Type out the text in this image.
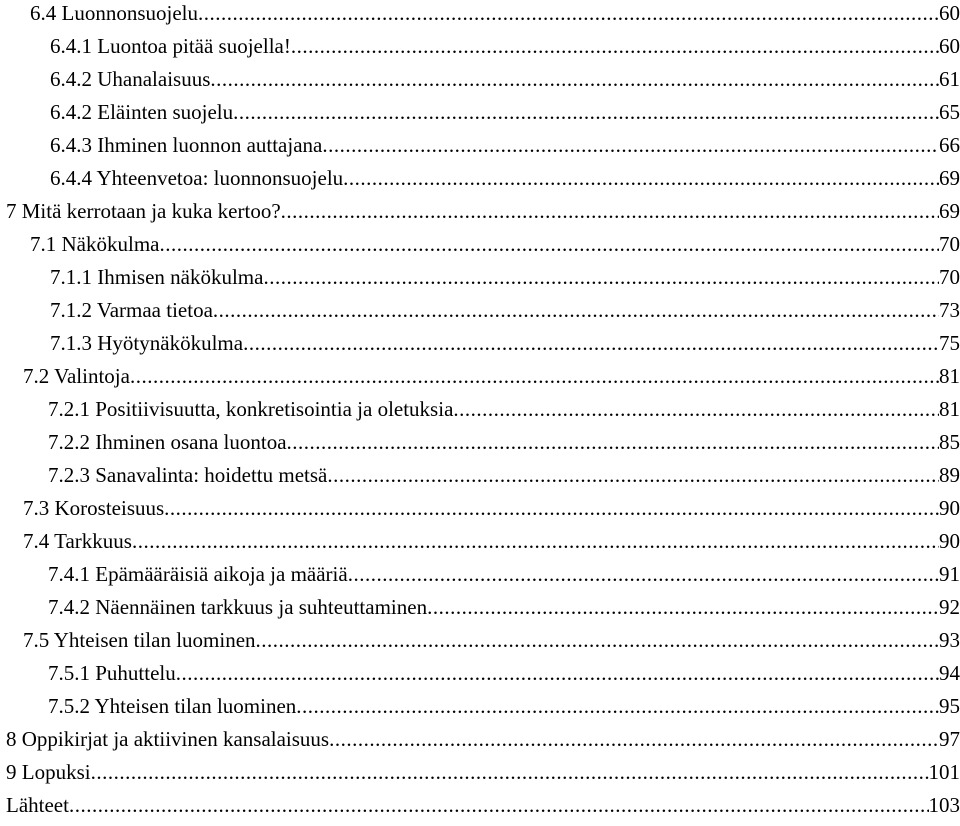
6.4 Luonnonsuojelu .....	60
6.4.1 Luontoa pitää suojella! .....	60
6.4.2 Uhanalaisuus .....	61
6.4.2 Eläinten suojelu .....	65
6.4.3 Ihminen luonnon auttajana .....	66
6.4.4 Yhteenvetoa: luonnonsuojelu .....	69
7 Mitä kerrotaan ja kuka kertoo? .....	69
7.1 Näkökulma .....	70
7.1.1 Ihmisen näkökulma .....	70
7.1.2 Varmaa tietoa .....	73
7.1.3 Hyötynäkökulma .....	75
7.2 Valintoja .....	81
7.2.1 Positiivisuutta, konkretisointia ja oletuksia .....	81
7.2.2 Ihminen osana luontoa .....	85
7.2.3 Sanavalinta: hoidettu metsä .....	89
7.3 Korosteisuus .....	90
7.4 Tarkkuus .....	90
7.4.1 Epämääräisiä aikoja ja määriä .....	91
7.4.2 Näennäinen tarkkuus ja suhteuttaminen .....	92
7.5 Yhteisen tilan luominen .....	93
7.5.1 Puhuttelu .....	94
7.5.2 Yhteisen tilan luominen .....	95
8 Oppikirjat ja aktiivinen kansalaisuus .....	97
9 Lopuksi .....	101
Lähteet .....	103
